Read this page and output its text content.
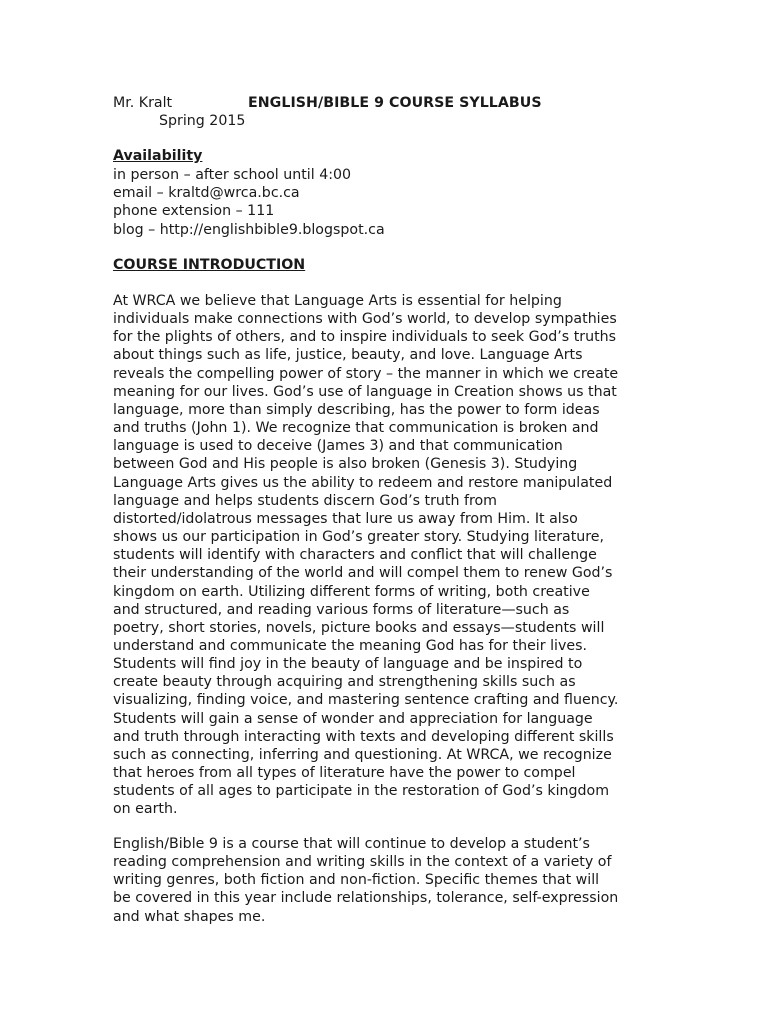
Mr. Kralt	ENGLISH/BIBLE 9 COURSE SYLLABUS
Spring 2015
Availability
in person – after school until 4:00
email – kraltd@wrca.bc.ca
phone extension – 111
blog – http://englishbible9.blogspot.ca
COURSE INTRODUCTION

At WRCA we believe that Language Arts is essential for helping
individuals make connections with God’s world, to develop sympathies
for the plights of others, and to inspire individuals to seek God’s truths
about things such as life, justice, beauty, and love. Language Arts
reveals the compelling power of story – the manner in which we create
meaning for our lives. God’s use of language in Creation shows us that
language, more than simply describing, has the power to form ideas
and truths (John 1). We recognize that communication is broken and
language is used to deceive (James 3) and that communication
between God and His people is also broken (Genesis 3). Studying
Language Arts gives us the ability to redeem and restore manipulated
language and helps students discern God’s truth from
distorted/idolatrous messages that lure us away from Him. It also
shows us our participation in God’s greater story. Studying literature,
students will identify with characters and conflict that will challenge
their understanding of the world and will compel them to renew God’s
kingdom on earth. Utilizing different forms of writing, both creative
and structured, and reading various forms of literature—such as
poetry, short stories, novels, picture books and essays—students will
understand and communicate the meaning God has for their lives.
Students will find joy in the beauty of language and be inspired to
create beauty through acquiring and strengthening skills such as
visualizing, finding voice, and mastering sentence crafting and fluency.
Students will gain a sense of wonder and appreciation for language
and truth through interacting with texts and developing different skills
such as connecting, inferring and questioning. At WRCA, we recognize
that heroes from all types of literature have the power to compel
students of all ages to participate in the restoration of God’s kingdom
on earth.

English/Bible 9 is a course that will continue to develop a student’s
reading comprehension and writing skills in the context of a variety of
writing genres, both fiction and non-fiction. Specific themes that will
be covered in this year include relationships, tolerance, self-expression
and what shapes me.
